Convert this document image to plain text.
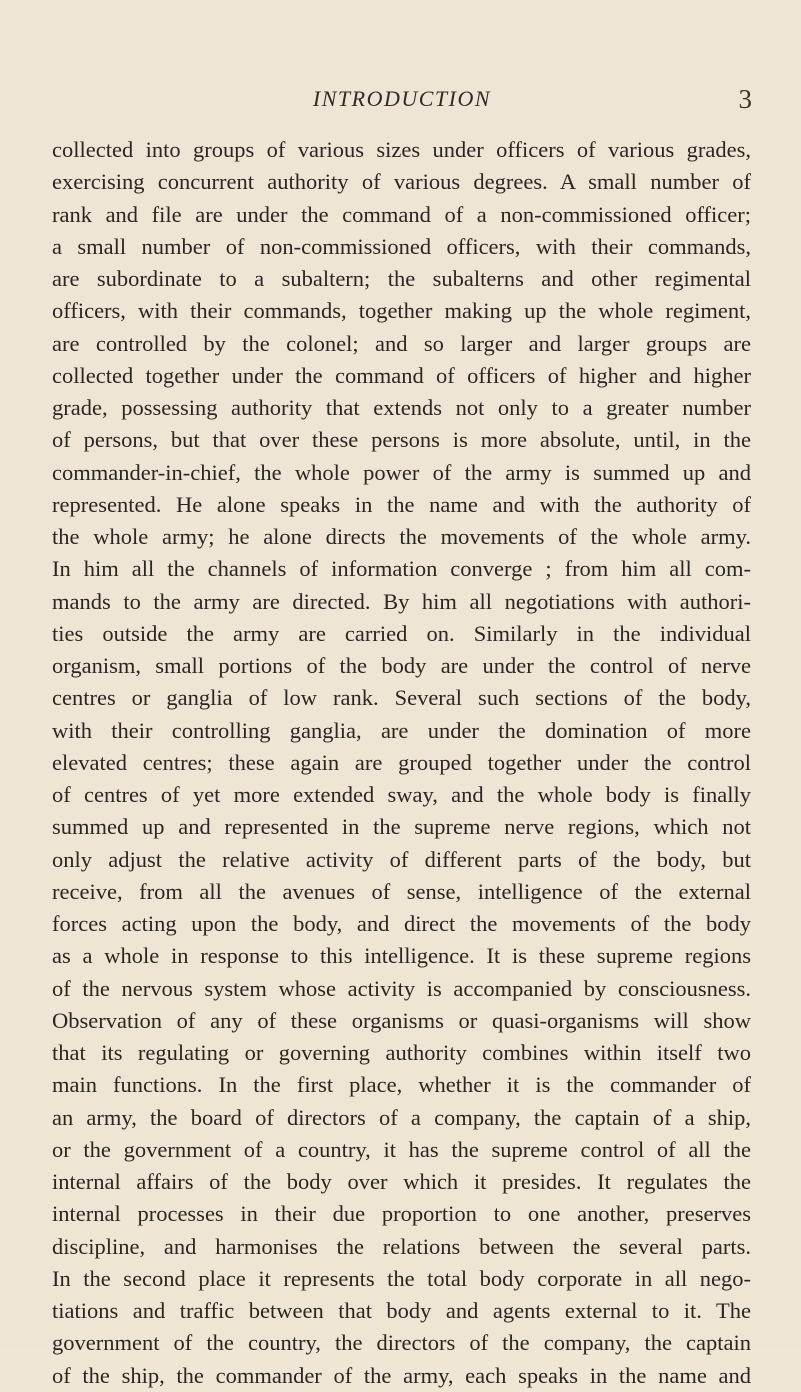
INTRODUCTION	3
collected into groups of various sizes under officers of various grades,
exercising concurrent authority of various degrees. A small number of
rank and file are under the command of a non-commissioned officer;
a small number of non-commissioned officers, with their commands,
are subordinate to a subaltern; the subalterns and other regimental
officers, with their commands, together making up the whole regiment,
are controlled by the colonel; and so larger and larger groups are
collected together under the command of officers of higher and higher
grade, possessing authority that extends not only to a greater number
of persons, but that over these persons is more absolute, until, in the
commander-in-chief, the whole power of the army is summed up and
represented. He alone speaks in the name and with the authority of
the whole army; he alone directs the movements of the whole army.
In him all the channels of information converge ; from him all com-
mands to the army are directed. By him all negotiations with authori-
ties outside the army are carried on. Similarly in the individual
organism, small portions of the body are under the control of nerve
centres or ganglia of low rank. Several such sections of the body,
with their controlling ganglia, are under the domination of more
elevated centres; these again are grouped together under the control
of centres of yet more extended sway, and the whole body is finally
summed up and represented in the supreme nerve regions, which not
only adjust the relative activity of different parts of the body, but
receive, from all the avenues of sense, intelligence of the external
forces acting upon the body, and direct the movements of the body
as a whole in response to this intelligence. It is these supreme regions
of the nervous system whose activity is accompanied by consciousness.
Observation of any of these organisms or quasi-organisms will show
that its regulating or governing authority combines within itself two
main functions. In the first place, whether it is the commander of
an army, the board of directors of a company, the captain of a ship,
or the government of a country, it has the supreme control of all the
internal affairs of the body over which it presides. It regulates the
internal processes in their due proportion to one another, preserves
discipline, and harmonises the relations between the several parts.
In the second place it represents the total body corporate in all nego-
tiations and traffic between that body and agents external to it. The
government of the country, the directors of the company, the captain
of the ship, the commander of the army, each speaks in the name and
